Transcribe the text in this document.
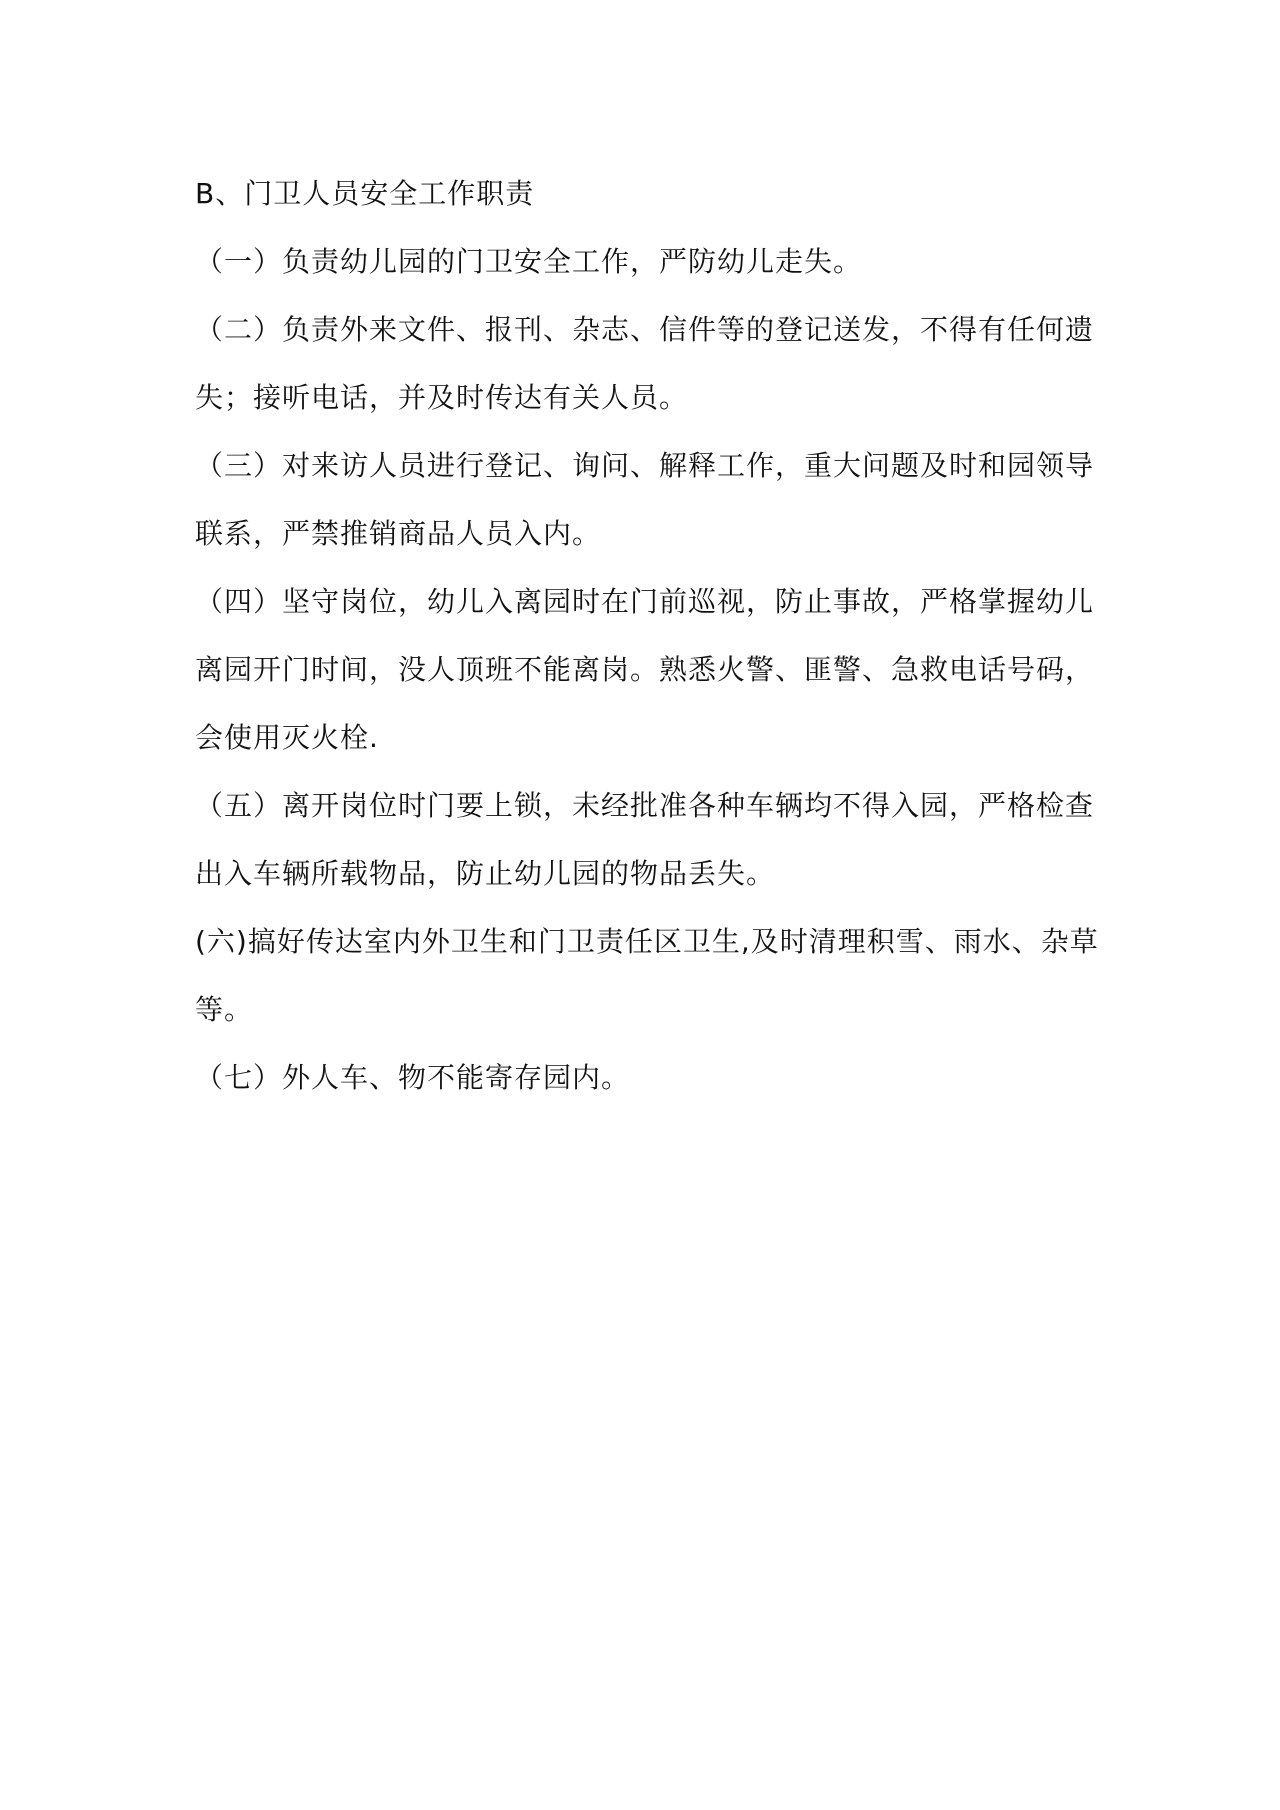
B、门卫人员安全工作职责

（一）负责幼儿园的门卫安全工作，严防幼儿走失。

（二）负责外来文件、报刊、杂志、信件等的登记送发，不得有任何遗失；接听电话，并及时传达有关人员。

（三）对来访人员进行登记、询问、解释工作，重大问题及时和园领导联系，严禁推销商品人员入内。

（四）坚守岗位，幼儿入离园时在门前巡视，防止事故，严格掌握幼儿离园开门时间，没人顶班不能离岗。熟悉火警、匪警、急救电话号码，会使用灭火栓.

（五）离开岗位时门要上锁，未经批准各种车辆均不得入园，严格检查出入车辆所载物品，防止幼儿园的物品丢失。

(六)搞好传达室内外卫生和门卫责任区卫生,及时清理积雪、雨水、杂草等。

（七）外人车、物不能寄存园内。
